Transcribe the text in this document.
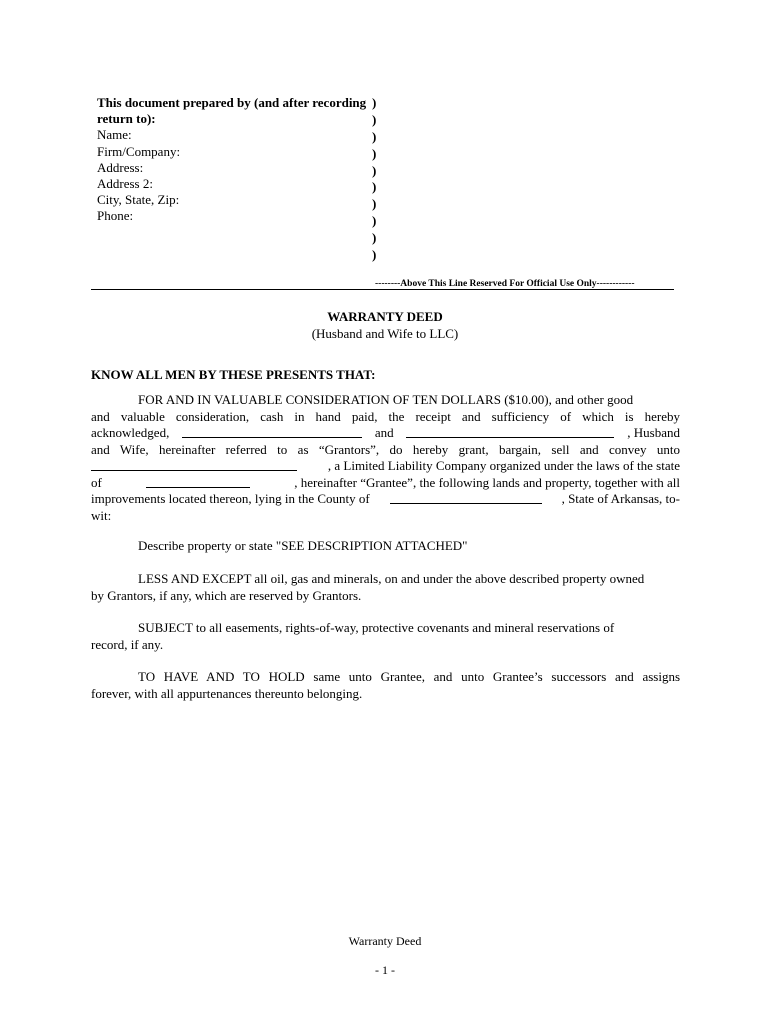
This document prepared by (and after recording
return to):
Name:
Firm/Company:
Address:
Address 2:
City, State, Zip:
Phone:
)
)
)
)
)
)
)
)
)
)
--------Above This Line Reserved For Official Use Only------------
WARRANTY DEED
(Husband and Wife to LLC)
KNOW ALL MEN BY THESE PRESENTS THAT:
FOR AND IN VALUABLE CONSIDERATION OF TEN DOLLARS ($10.00), and other good
and valuable consideration, cash in hand paid, the receipt and sufficiency of which is hereby
acknowledged,	and	, Husband
and Wife, hereinafter referred to as “Grantors”, do hereby grant, bargain, sell and convey unto
, a Limited Liability Company organized under the laws of the state
of	, hereinafter “Grantee”, the following lands and property, together with all
improvements located thereon, lying in the County of	, State of Arkansas, to-
wit:
Describe property or state "SEE DESCRIPTION ATTACHED"
LESS AND EXCEPT all oil, gas and minerals, on and under the above described property owned
by Grantors, if any, which are reserved by Grantors.
SUBJECT to all easements, rights-of-way, protective covenants and mineral reservations of
record, if any.
TO HAVE AND TO HOLD same unto Grantee, and unto Grantee’s successors and assigns
forever, with all appurtenances thereunto belonging.
Warranty Deed
- 1 -
